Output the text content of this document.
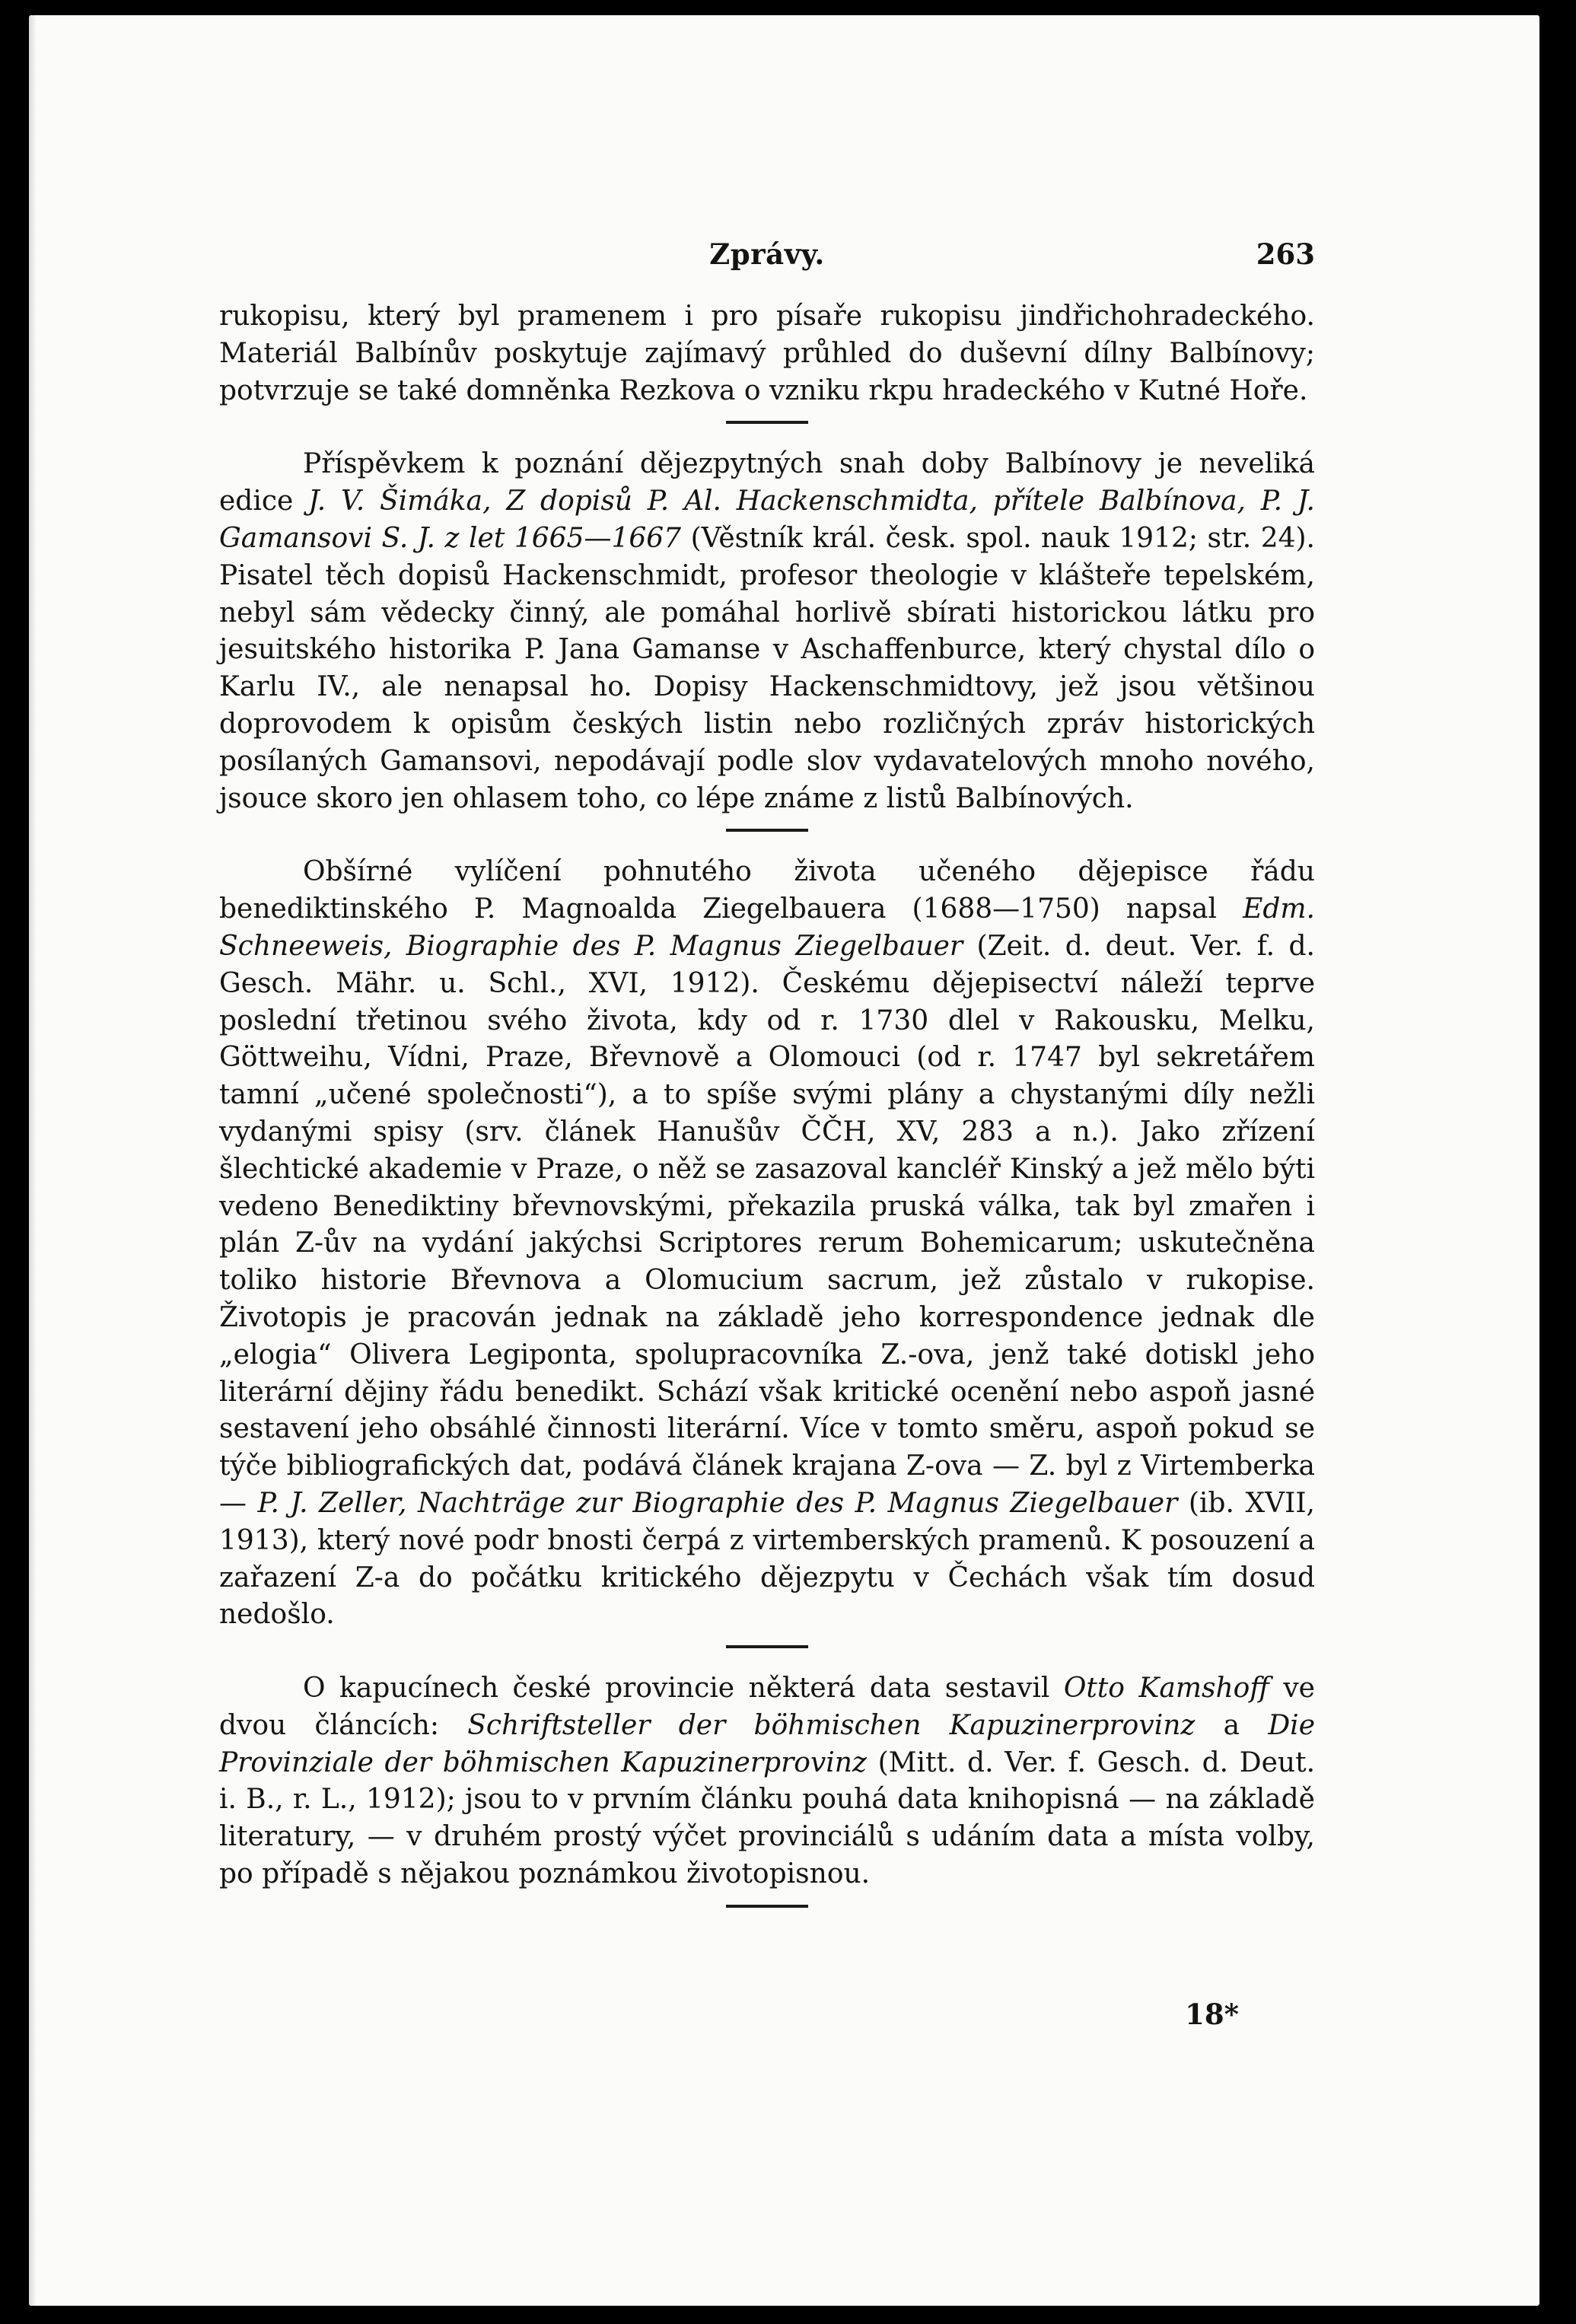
Zprávy.	263

rukopisu, který byl pramenem i pro písaře rukopisu jindřichohradeckého. Materiál Balbínův poskytuje zajímavý průhled do duševní dílny Balbínovy; potvrzuje se také domněnka Rezkova o vzniku rkpu hradeckého v Kutné Hoře.

Příspěvkem k poznání dějezpytných snah doby Balbínovy je neveliká edice J. V. Šimáka, Z dopisů P. Al. Hackenschmidta, přítele Balbínova, P. J. Gamansovi S. J. z let 1665—1667 (Věstník král. česk. spol. nauk 1912; str. 24). Pisatel těch dopisů Hackenschmidt, profesor theologie v klášteře tepelském, nebyl sám vědecky činný, ale pomáhal horlivě sbírati historickou látku pro jesuitského historika P. Jana Gamanse v Aschaffenburce, který chystal dílo o Karlu IV., ale nenapsal ho. Dopisy Hackenschmidtovy, jež jsou většinou doprovodem k opisům českých listin nebo rozličných zpráv historických posílaných Gamansovi, nepodávají podle slov vydavatelových mnoho nového, jsouce skoro jen ohlasem toho, co lépe známe z listů Balbínových.

Obšírné vylíčení pohnutého života učeného dějepisce řádu benediktinského P. Magnoalda Ziegelbauera (1688—1750) napsal Edm. Schneeweis, Biographie des P. Magnus Ziegelbauer (Zeit. d. deut. Ver. f. d. Gesch. Mähr. u. Schl., XVI, 1912). Českému dějepisectví náleží teprve poslední třetinou svého života, kdy od r. 1730 dlel v Rakousku, Melku, Göttweihu, Vídni, Praze, Břevnově a Olomouci (od r. 1747 byl sekretářem tamní „učené společnosti“), a to spíše svými plány a chystanými díly nežli vydanými spisy (srv. článek Hanušův ČČH, XV, 283 a n.). Jako zřízení šlechtické akademie v Praze, o něž se zasazoval kancléř Kinský a jež mělo býti vedeno Benediktiny břevnovskými, překazila pruská válka, tak byl zmařen i plán Z-ův na vydání jakýchsi Scriptores rerum Bohemicarum; uskutečněna toliko historie Břevnova a Olomucium sacrum, jež zůstalo v rukopise. Životopis je pracován jednak na základě jeho korrespondence jednak dle „elogia“ Olivera Legiponta, spolupracovníka Z.-ova, jenž také dotiskl jeho literární dějiny řádu benedikt. Schází však kritické ocenění nebo aspoň jasné sestavení jeho obsáhlé činnosti literární. Více v tomto směru, aspoň pokud se týče bibliografických dat, podává článek krajana Z-ova — Z. byl z Virtemberka — P. J. Zeller, Nachträge zur Biographie des P. Magnus Ziegelbauer (ib. XVII, 1913), který nové podr bnosti čerpá z virtemberských pramenů. K posouzení a zařazení Z-a do počátku kritického dějezpytu v Čechách však tím dosud nedošlo.

O kapucínech české provincie některá data sestavil Otto Kamshoff ve dvou článcích: Schriftsteller der böhmischen Kapuzinerprovinz a Die Provinziale der böhmischen Kapuzinerprovinz (Mitt. d. Ver. f. Gesch. d. Deut. i. B., r. L., 1912); jsou to v prvním článku pouhá data knihopisná — na základě literatury, — v druhém prostý výčet provinciálů s udáním data a místa volby, po případě s nějakou poznámkou životopisnou.

18*
